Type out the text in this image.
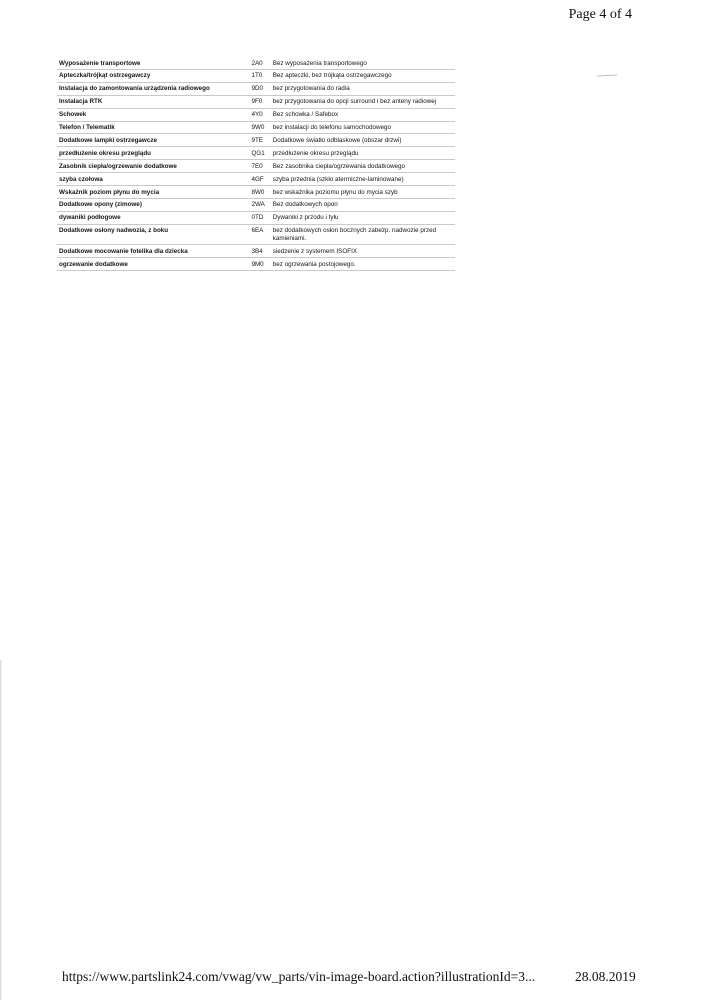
Page 4 of 4
Wyposażenie transportowe	2A0	Bez wyposażenia transportowego
Apteczka/trójkąt ostrzegawczy	1T0	Bez apteczki, bez trójkąta ostrzegawczego
Instalacja do zamontowania urządzenia radiowego	9D0	bez przygotowania do radia
Instalacja RTK	9F0	bez przygotowania do opcji surround i bez anteny radiowej
Schowek	4Y0	Bez schowka / Safebox
Telefon / Telematik	9W0	bez instalacji do telefonu samochodowego
Dodatkowe lampki ostrzegawcze	9TE	Dodatkowe światło odblaskowe (obszar drzwi)
przedłużenie okresu przeglądu	QG1	przedłużenie okresu przeglądu
Zasobnik ciepła/ogrzewanie dodatkowe	7E0	Bez zasobnika ciepła/ogrzewania dodatkowego
szyba czołowa	4GF	szyba przednia (szkło atermiczne-laminowane)
Wskaźnik poziom płynu do mycia	8W0	bez wskaźnika poziomu płynu do mycia szyb
Dodatkowe opony (zimowe)	2WA	Bez dodatkowych opon
dywaniki podłogowe	0TD	Dywaniki z przodu i tyłu
Dodatkowe osłony nadwozia, z boku	6EA	bez dodatkowych osłon bocznych zabezp. nadwozie przed kamieniami.
Dodatkowe mocowanie fotelika dla dziecka	3B4	siedzenie z systemem ISOFIX
ogrzewanie dodatkowe	9M0	bez ogrzewania postojowego.
https://www.partslink24.com/vwag/vw_parts/vin-image-board.action?illustrationId=3...	28.08.2019
